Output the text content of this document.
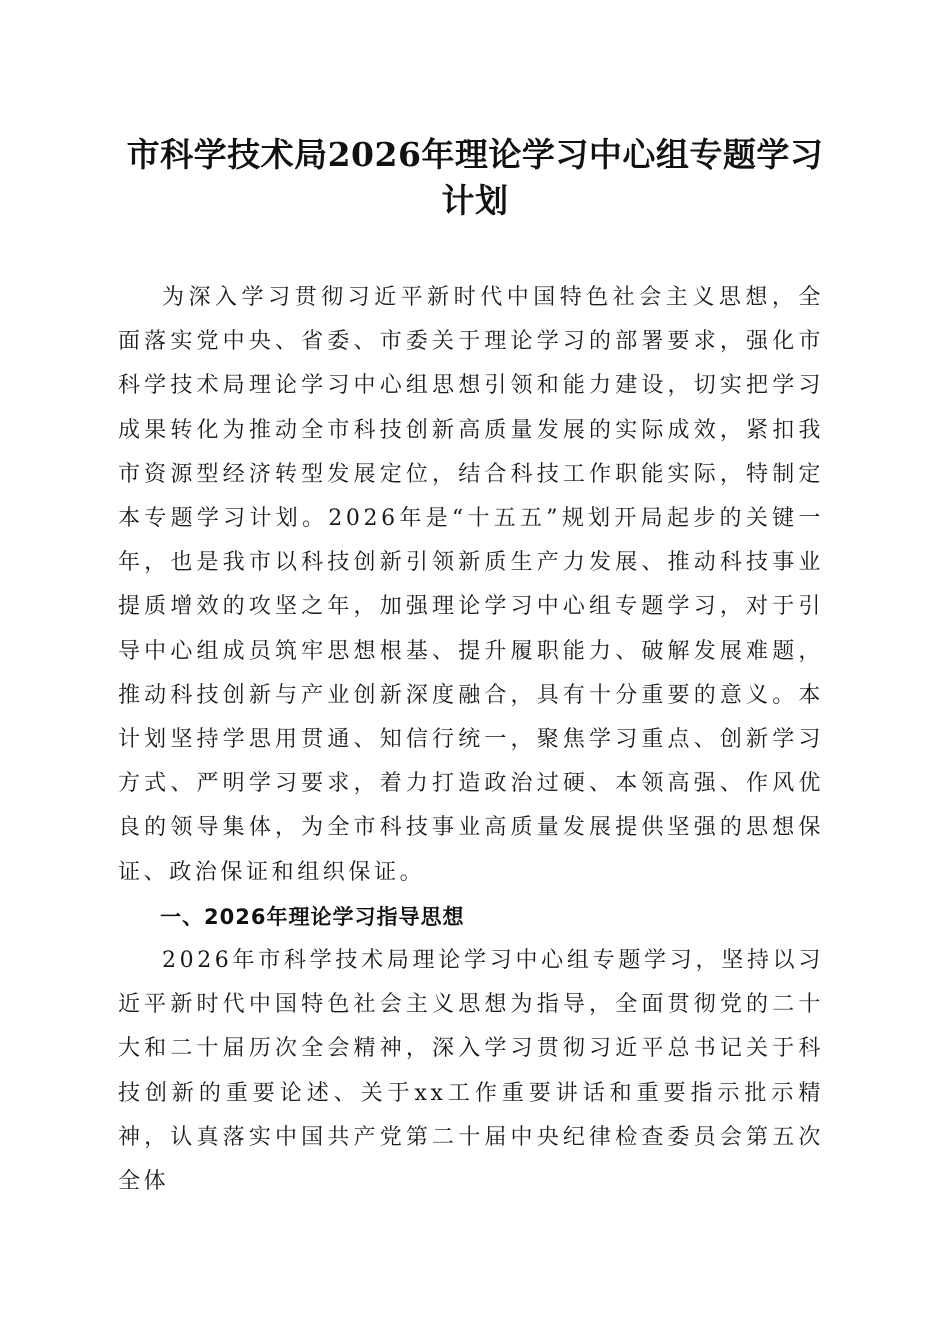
市科学技术局2026年理论学习中心组专题学习计划

为深入学习贯彻习近平新时代中国特色社会主义思想，全面落实党中央、省委、市委关于理论学习的部署要求，强化市科学技术局理论学习中心组思想引领和能力建设，切实把学习成果转化为推动全市科技创新高质量发展的实际成效，紧扣我市资源型经济转型发展定位，结合科技工作职能实际，特制定本专题学习计划。2026年是“十五五”规划开局起步的关键一年，也是我市以科技创新引领新质生产力发展、推动科技事业提质增效的攻坚之年，加强理论学习中心组专题学习，对于引导中心组成员筑牢思想根基、提升履职能力、破解发展难题，推动科技创新与产业创新深度融合，具有十分重要的意义。本计划坚持学思用贯通、知信行统一，聚焦学习重点、创新学习方式、严明学习要求，着力打造政治过硬、本领高强、作风优良的领导集体，为全市科技事业高质量发展提供坚强的思想保证、政治保证和组织保证。

一、2026年理论学习指导思想

2026年市科学技术局理论学习中心组专题学习，坚持以习近平新时代中国特色社会主义思想为指导，全面贯彻党的二十大和二十届历次全会精神，深入学习贯彻习近平总书记关于科技创新的重要论述、关于xx工作重要讲话和重要指示批示精神，认真落实中国共产党第二十届中央纪律检查委员会第五次全体
